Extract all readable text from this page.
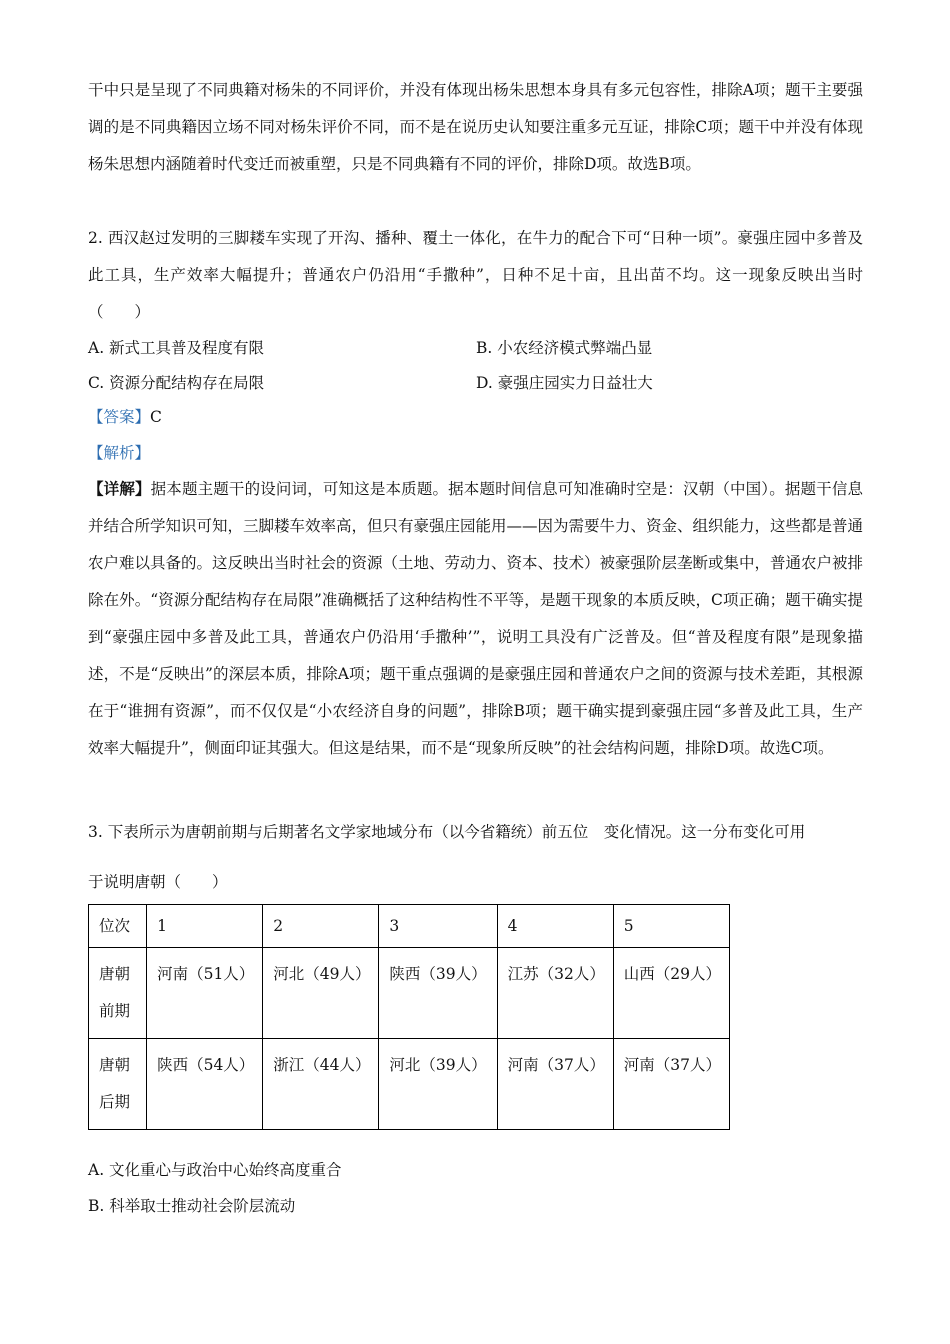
干中只是呈现了不同典籍对杨朱的不同评价，并没有体现出杨朱思想本身具有多元包容性，排除A项；题干主要强调的是不同典籍因立场不同对杨朱评价不同，而不是在说历史认知要注重多元互证，排除C项；题干中并没有体现杨朱思想内涵随着时代变迁而被重塑，只是不同典籍有不同的评价，排除D项。故选B项。

2. 西汉赵过发明的三脚耧车实现了开沟、播种、覆土一体化，在牛力的配合下可“日种一顷”。豪强庄园中多普及此工具，生产效率大幅提升；普通农户仍沿用“手撒种”，日种不足十亩，且出苗不均。这一现象反映出当时（　　）

A. 新式工具普及程度有限	B. 小农经济模式弊端凸显
C. 资源分配结构存在局限	D. 豪强庄园实力日益壮大
【答案】C
【解析】

【详解】据本题主题干的设问词，可知这是本质题。据本题时间信息可知准确时空是：汉朝（中国）。据题干信息并结合所学知识可知，三脚耧车效率高，但只有豪强庄园能用——因为需要牛力、资金、组织能力，这些都是普通农户难以具备的。这反映出当时社会的资源（土地、劳动力、资本、技术）被豪强阶层垄断或集中，普通农户被排除在外。“资源分配结构存在局限”准确概括了这种结构性不平等，是题干现象的本质反映，C项正确；题干确实提到“豪强庄园中多普及此工具，普通农户仍沿用‘手撒种’”，说明工具没有广泛普及。但“普及程度有限”是现象描述，不是“反映出”的深层本质，排除A项；题干重点强调的是豪强庄园和普通农户之间的资源与技术差距，其根源在于“谁拥有资源”，而不仅仅是“小农经济自身的问题”，排除B项；题干确实提到豪强庄园“多普及此工具，生产效率大幅提升”，侧面印证其强大。但这是结果，而不是“现象所反映”的社会结构问题，排除D项。故选C项。

3. 下表所示为唐朝前期与后期著名文学家地域分布（以今省籍统）前五位　变化情况。这一分布变化可用
于说明唐朝（　　）
位次	1	2	3	4	5
唐朝前期	河南（51人）	河北（49人）	陕西（39人）	江苏（32人）	山西（29人）
唐朝后期	陕西（54人）	浙江（44人）	河北（39人）	河南（37人）	河南（37人）
A. 文化重心与政治中心始终高度重合
B. 科举取士推动社会阶层流动
